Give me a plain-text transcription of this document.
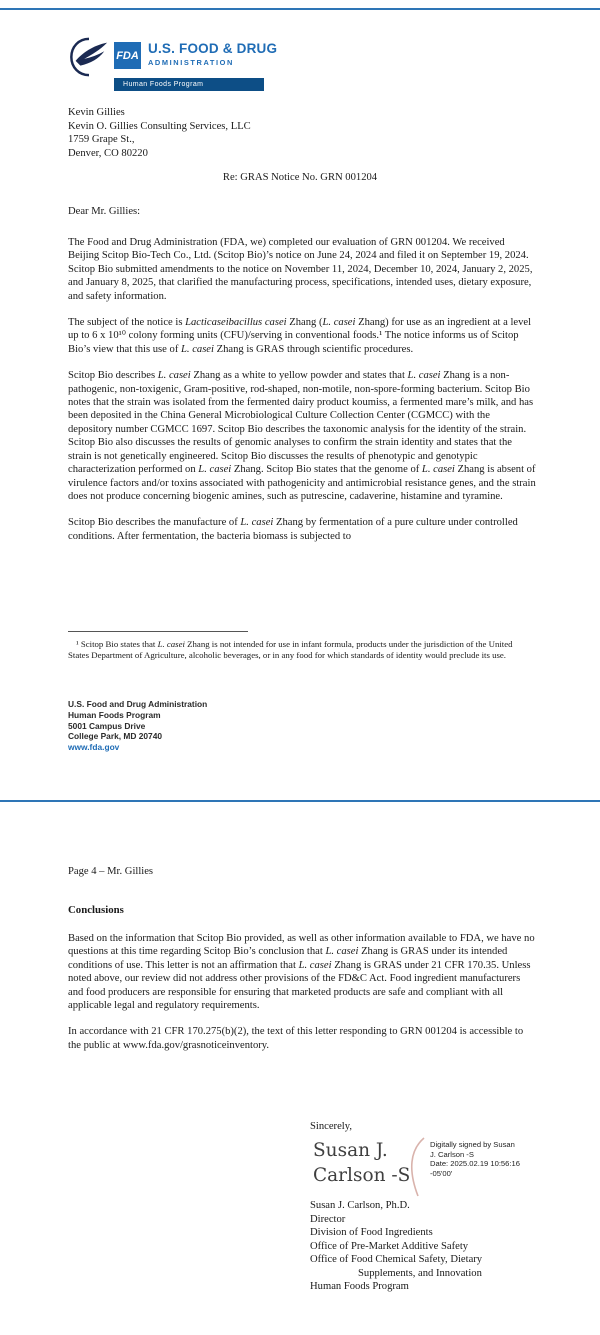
FDA U.S. FOOD & DRUG
ADMINISTRATION
Human Foods Program
Kevin Gillies
Kevin O. Gillies Consulting Services, LLC
1759 Grape St.,
Denver, CO 80220
Re: GRAS Notice No. GRN 001204
Dear Mr. Gillies:

The Food and Drug Administration (FDA, we) completed our evaluation of GRN 001204. We received Beijing Scitop Bio-Tech Co., Ltd. (Scitop Bio)’s notice on June 24, 2024 and filed it on September 19, 2024. Scitop Bio submitted amendments to the notice on November 11, 2024, December 10, 2024, January 2, 2025, and January 8, 2025, that clarified the manufacturing process, specifications, intended uses, dietary exposure, and safety information.

The subject of the notice is Lacticaseibacillus casei Zhang (L. casei Zhang) for use as an ingredient at a level up to 6 x 10¹⁰ colony forming units (CFU)/serving in conventional foods.¹ The notice informs us of Scitop Bio’s view that this use of L. casei Zhang is GRAS through scientific procedures.

Scitop Bio describes L. casei Zhang as a white to yellow powder and states that L. casei Zhang is a non-pathogenic, non-toxigenic, Gram-positive, rod-shaped, non-motile, non-spore-forming bacterium. Scitop Bio notes that the strain was isolated from the fermented dairy product koumiss, a fermented mare’s milk, and has been deposited in the China General Microbiological Culture Collection Center (CGMCC) with the depository number CGMCC 1697. Scitop Bio describes the taxonomic analysis for the identity of the strain. Scitop Bio also discusses the results of genomic analyses to confirm the strain identity and states that the strain is not genetically engineered. Scitop Bio discusses the results of phenotypic and genotypic characterization performed on L. casei Zhang. Scitop Bio states that the genome of L. casei Zhang is absent of virulence factors and/or toxins associated with pathogenicity and antimicrobial resistance genes, and the strain does not produce concerning biogenic amines, such as putrescine, cadaverine, histamine and tyramine.

Scitop Bio describes the manufacture of L. casei Zhang by fermentation of a pure culture under controlled conditions. After fermentation, the bacteria biomass is subjected to

¹ Scitop Bio states that L. casei Zhang is not intended for use in infant formula, products under the jurisdiction of the United States Department of Agriculture, alcoholic beverages, or in any food for which standards of identity would preclude its use.
U.S. Food and Drug Administration
Human Foods Program
5001 Campus Drive
College Park, MD 20740
www.fda.gov
Page 4 – Mr. Gillies
Conclusions

Based on the information that Scitop Bio provided, as well as other information available to FDA, we have no questions at this time regarding Scitop Bio’s conclusion that L. casei Zhang is GRAS under its intended conditions of use. This letter is not an affirmation that L. casei Zhang is GRAS under 21 CFR 170.35. Unless noted above, our review did not address other provisions of the FD&C Act. Food ingredient manufacturers and food producers are responsible for ensuring that marketed products are safe and compliant with all applicable legal and regulatory requirements.

In accordance with 21 CFR 170.275(b)(2), the text of this letter responding to GRN 001204 is accessible to the public at www.fda.gov/grasnoticeinventory.

Sincerely,
Susan J.
Carlson -S
Digitally signed by Susan
J. Carlson -S
Date: 2025.02.19 10:56:16
-05'00'
Susan J. Carlson, Ph.D.
Director
Division of Food Ingredients
Office of Pre-Market Additive Safety
Office of Food Chemical Safety, Dietary
Supplements, and Innovation
Human Foods Program
